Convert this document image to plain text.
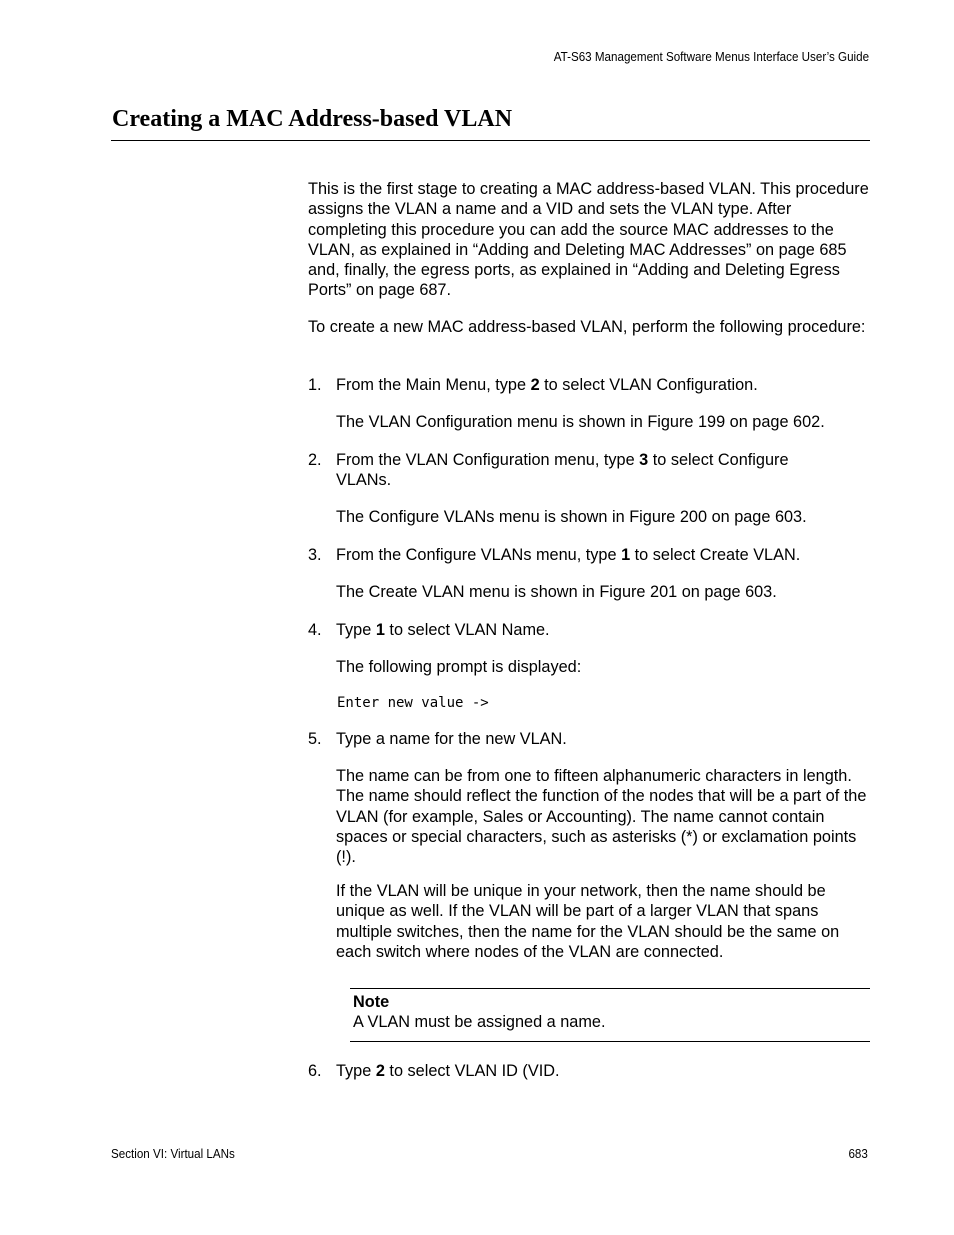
AT-S63 Management Software Menus Interface User’s Guide
Creating a MAC Address-based VLAN

This is the first stage to creating a MAC address-based VLAN. This procedure assigns the VLAN a name and a VID and sets the VLAN type. After completing this procedure you can add the source MAC addresses to the VLAN, as explained in “Adding and Deleting MAC Addresses” on page 685 and, finally, the egress ports, as explained in “Adding and Deleting Egress Ports” on page 687.

To create a new MAC address-based VLAN, perform the following procedure:

1. From the Main Menu, type 2 to select VLAN Configuration.

The VLAN Configuration menu is shown in Figure 199 on page 602.

2. From the VLAN Configuration menu, type 3 to select Configure VLANs.

The Configure VLANs menu is shown in Figure 200 on page 603.

3. From the Configure VLANs menu, type 1 to select Create VLAN.

The Create VLAN menu is shown in Figure 201 on page 603.

4. Type 1 to select VLAN Name.

The following prompt is displayed:

Enter new value ->
5. Type a name for the new VLAN.

The name can be from one to fifteen alphanumeric characters in length. The name should reflect the function of the nodes that will be a part of the VLAN (for example, Sales or Accounting). The name cannot contain spaces or special characters, such as asterisks (*) or exclamation points (!).

If the VLAN will be unique in your network, then the name should be unique as well. If the VLAN will be part of a larger VLAN that spans multiple switches, then the name for the VLAN should be the same on each switch where nodes of the VLAN are connected.

Note

A VLAN must be assigned a name.

6. Type 2 to select VLAN ID (VID.

Section VI: Virtual LANs	683
